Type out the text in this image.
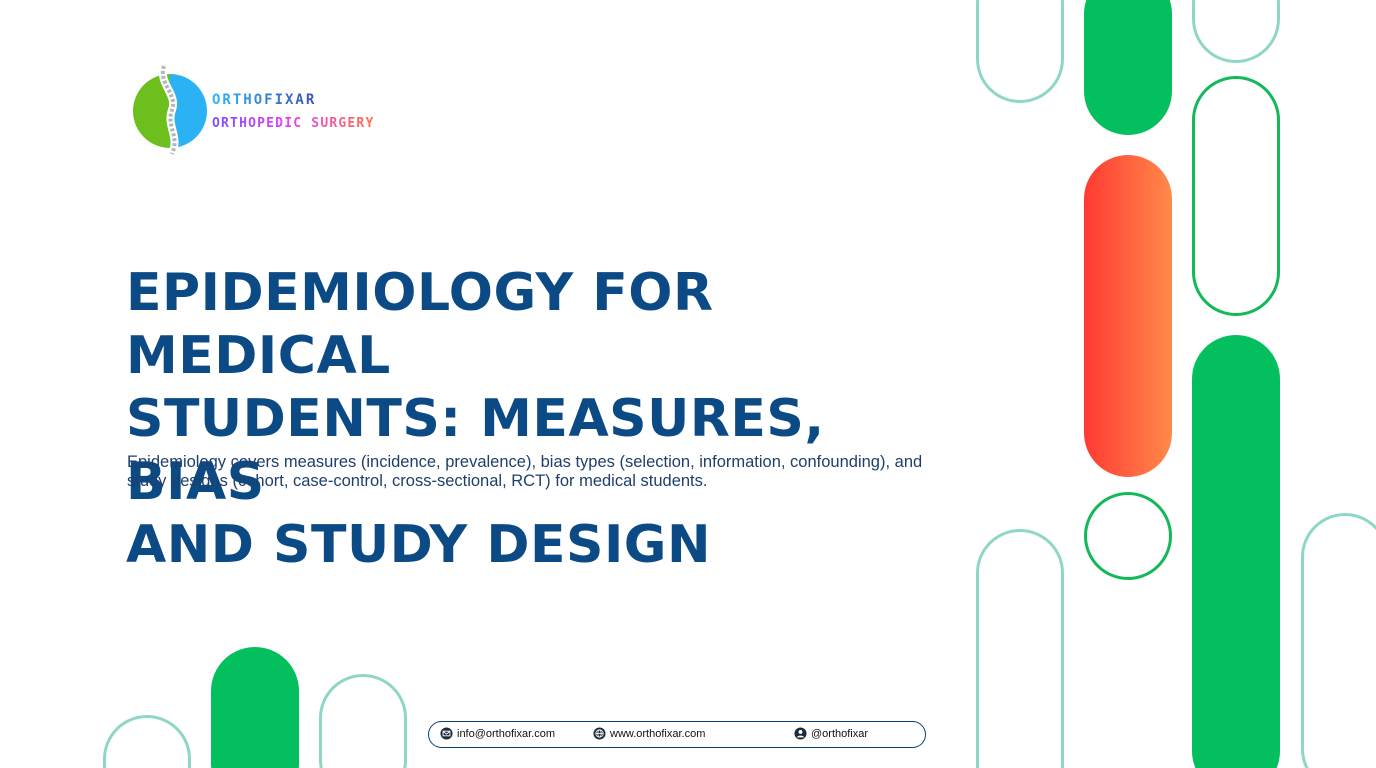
ORTHOFIXAR
ORTHOPEDIC SURGERY
EPIDEMIOLOGY FOR MEDICAL
STUDENTS: MEASURES, BIAS
AND STUDY DESIGN

Epidemiology covers measures (incidence, prevalence), bias types (selection, information, confounding), and study designs (cohort, case-control, cross-sectional, RCT) for medical students.

info@orthofixar.com	www.orthofixar.com	@orthofixar
